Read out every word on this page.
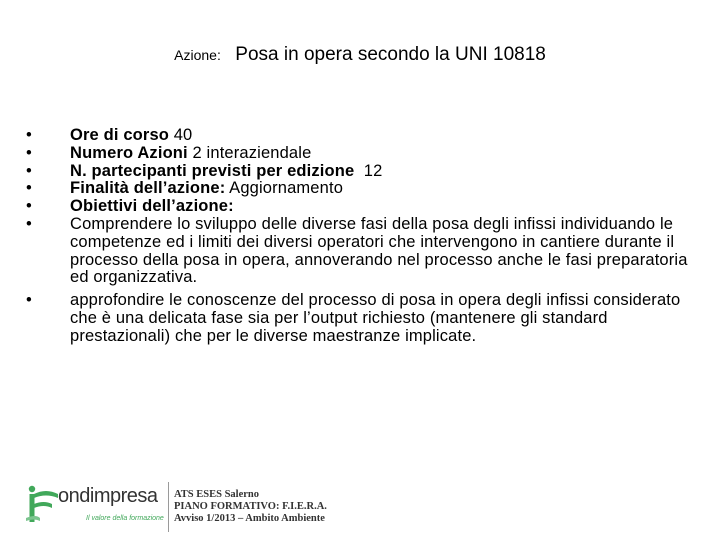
Azione: Posa in opera secondo la UNI 10818
•	Ore di corso 40
•	Numero Azioni 2 interaziendale
•	N. partecipanti previsti per edizione  12
•	Finalità dell’azione: Aggiornamento
•	Obiettivi dell’azione:
•	Comprendere lo sviluppo delle diverse fasi della posa degli infissi individuando le competenze ed i limiti dei diversi operatori che intervengono in cantiere durante il processo della posa in opera, annoverando nel processo anche le fasi preparatoria ed organizzativa.
•	approfondire le conoscenze del processo di posa in opera degli infissi considerato che è una delicata fase sia per l’output richiesto (mantenere gli standard prestazionali) che per le diverse maestranze implicate.
ondimpresa
Il valore della formazione
ATS ESES Salerno
PIANO FORMATIVO: F.I.E.R.A.
Avviso 1/2013 – Ambito Ambiente
